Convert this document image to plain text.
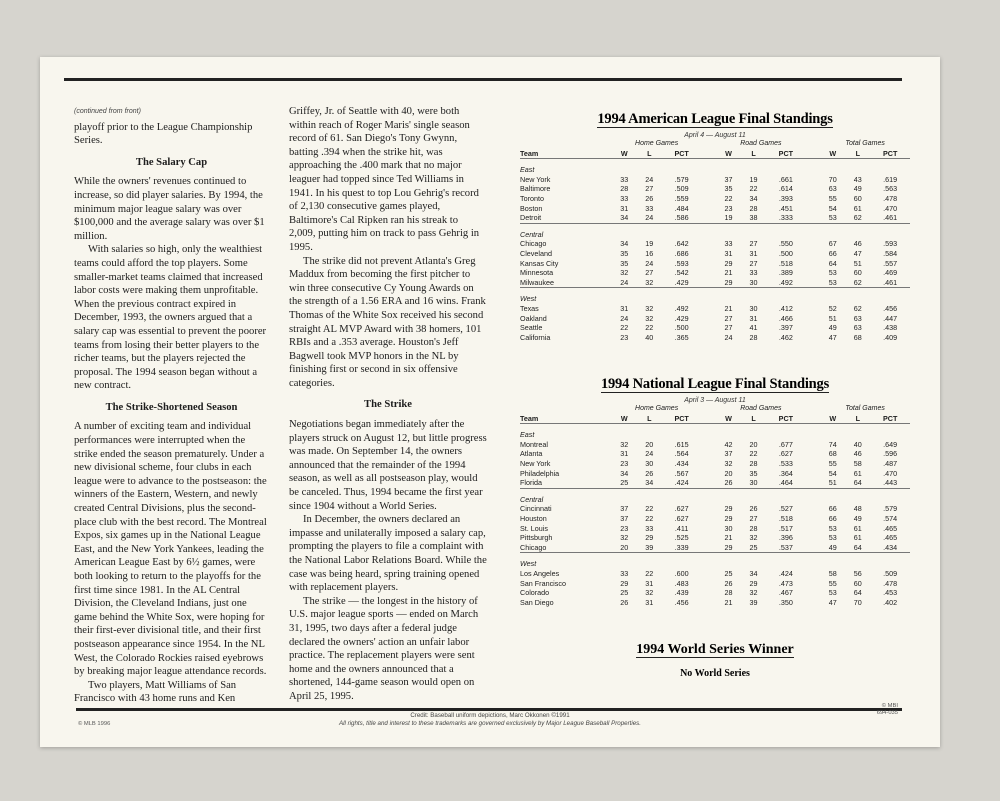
(continued from front)

playoff prior to the League Championship Series.

The Salary Cap

While the owners' revenues continued to increase, so did player salaries. By 1994, the minimum major league salary was over $100,000 and the average salary was over $1 million.

With salaries so high, only the wealthiest teams could afford the top players. Some smaller-market teams claimed that increased labor costs were making them unprofitable. When the previous contract expired in December, 1993, the owners argued that a salary cap was essential to prevent the poorer teams from losing their better players to the richer teams, but the players rejected the proposal. The 1994 season began without a new contract.

The Strike-Shortened Season

A number of exciting team and individual performances were interrupted when the strike ended the season prematurely. Under a new divisional scheme, four clubs in each league were to advance to the postseason: the winners of the Eastern, Western, and newly created Central Divisions, plus the second-place club with the best record. The Montreal Expos, six games up in the National League East, and the New York Yankees, leading the American League East by 6½ games, were both looking to return to the playoffs for the first time since 1981. In the AL Central Division, the Cleveland Indians, just one game behind the White Sox, were hoping for their first-ever divisional title, and their first postseason appearance since 1954. In the NL West, the Colorado Rockies raised eyebrows by breaking major league attendance records.

Two players, Matt Williams of San Francisco with 43 home runs and Ken

Griffey, Jr. of Seattle with 40, were both within reach of Roger Maris' single season record of 61. San Diego's Tony Gwynn, batting .394 when the strike hit, was approaching the .400 mark that no major leaguer had topped since Ted Williams in 1941. In his quest to top Lou Gehrig's record of 2,130 consecutive games played, Baltimore's Cal Ripken ran his streak to 2,009, putting him on track to pass Gehrig in 1995.

The strike did not prevent Atlanta's Greg Maddux from becoming the first pitcher to win three consecutive Cy Young Awards on the strength of a 1.56 ERA and 16 wins. Frank Thomas of the White Sox received his second straight AL MVP Award with 38 homers, 101 RBIs and a .353 average. Houston's Jeff Bagwell took MVP honors in the NL by finishing first or second in six offensive categories.

The Strike

Negotiations began immediately after the players struck on August 12, but little progress was made. On September 14, the owners announced that the remainder of the 1994 season, as well as all postseason play, would be canceled. Thus, 1994 became the first year since 1904 without a World Series.

In December, the owners declared an impasse and unilaterally imposed a salary cap, prompting the players to file a complaint with the National Labor Relations Board. While the case was being heard, spring training opened with replacement players.

The strike — the longest in the history of U.S. major league sports — ended on March 31, 1995, two days after a federal judge declared the owners' action an unfair labor practice. The replacement players were sent home and the owners announced that a shortened, 144-game season would open on April 25, 1995.

1994 American League Final Standings
April 4 — August 11
	Home Games				Road Games				Total Games		
Team	W	L	PCT		W	L	PCT		W	L	PCT

East											
New York	33	24	.579		37	19	.661		70	43	.619
Baltimore	28	27	.509		35	22	.614		63	49	.563
Toronto	33	26	.559		22	34	.393		55	60	.478
Boston	31	33	.484		23	28	.451		54	61	.470
Detroit	34	24	.586		19	38	.333		53	62	.461

Central											
Chicago	34	19	.642		33	27	.550		67	46	.593
Cleveland	35	16	.686		31	31	.500		66	47	.584
Kansas City	35	24	.593		29	27	.518		64	51	.557
Minnesota	32	27	.542		21	33	.389		53	60	.469
Milwaukee	24	32	.429		29	30	.492		53	62	.461

West											
Texas	31	32	.492		21	30	.412		52	62	.456
Oakland	24	32	.429		27	31	.466		51	63	.447
Seattle	22	22	.500		27	41	.397		49	63	.438
California	23	40	.365		24	28	.462		47	68	.409
1994 National League Final Standings
April 3 — August 11
	Home Games				Road Games				Total Games		
Team	W	L	PCT		W	L	PCT		W	L	PCT

East											
Montreal	32	20	.615		42	20	.677		74	40	.649
Atlanta	31	24	.564		37	22	.627		68	46	.596
New York	23	30	.434		32	28	.533		55	58	.487
Philadelphia	34	26	.567		20	35	.364		54	61	.470
Florida	25	34	.424		26	30	.464		51	64	.443

Central											
Cincinnati	37	22	.627		29	26	.527		66	48	.579
Houston	37	22	.627		29	27	.518		66	49	.574
St. Louis	23	33	.411		30	28	.517		53	61	.465
Pittsburgh	32	29	.525		21	32	.396		53	61	.465
Chicago	20	39	.339		29	25	.537		49	64	.434

West											
Los Angeles	33	22	.600		25	34	.424		58	56	.509
San Francisco	29	31	.483		26	29	.473		55	60	.478
Colorado	25	32	.439		28	32	.467		53	64	.453
San Diego	26	31	.456		21	39	.350		47	70	.402
1994 World Series Winner
No World Series
Credit: Baseball uniform depictions, Marc Okkonen ©1991
All rights, title and interest to these trademarks are governed exclusively by Major League Baseball Properties.
© MLB 1996
© MBI
694-035
